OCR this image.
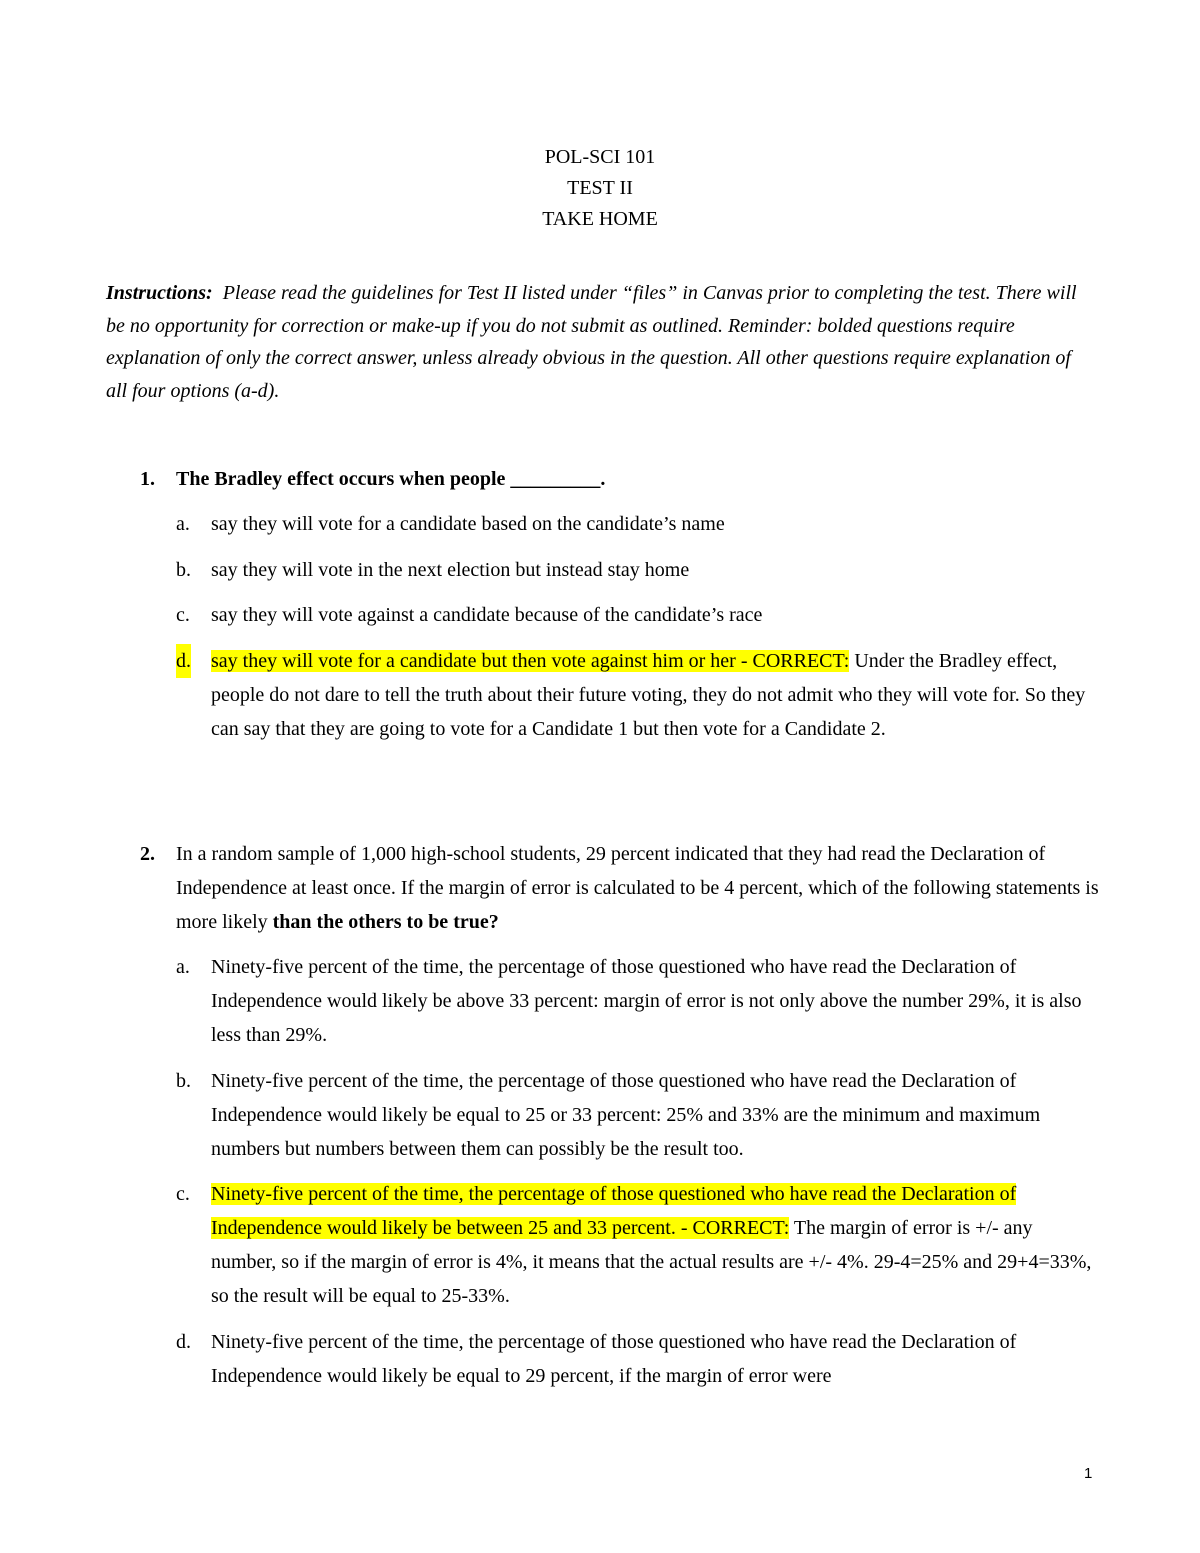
POL-SCI 101
TEST II
TAKE HOME
Instructions: Please read the guidelines for Test II listed under “files” in Canvas prior to completing the test. There will be no opportunity for correction or make-up if you do not submit as outlined. Reminder: bolded questions require explanation of only the correct answer, unless already obvious in the question. All other questions require explanation of all four options (a-d).
1. The Bradley effect occurs when people _________.
a. say they will vote for a candidate based on the candidate’s name
b. say they will vote in the next election but instead stay home
c. say they will vote against a candidate because of the candidate’s race
d. say they will vote for a candidate but then vote against him or her - CORRECT: Under the Bradley effect, people do not dare to tell the truth about their future voting, they do not admit who they will vote for. So they can say that they are going to vote for a Candidate 1 but then vote for a Candidate 2.
2. In a random sample of 1,000 high-school students, 29 percent indicated that they had read the Declaration of Independence at least once. If the margin of error is calculated to be 4 percent, which of the following statements is more likely than the others to be true?
a. Ninety-five percent of the time, the percentage of those questioned who have read the Declaration of Independence would likely be above 33 percent: margin of error is not only above the number 29%, it is also less than 29%.
b. Ninety-five percent of the time, the percentage of those questioned who have read the Declaration of Independence would likely be equal to 25 or 33 percent: 25% and 33% are the minimum and maximum numbers but numbers between them can possibly be the result too.
c. Ninety-five percent of the time, the percentage of those questioned who have read the Declaration of Independence would likely be between 25 and 33 percent. - CORRECT: The margin of error is +/- any number, so if the margin of error is 4%, it means that the actual results are +/- 4%. 29-4=25% and 29+4=33%, so the result will be equal to 25-33%.
d. Ninety-five percent of the time, the percentage of those questioned who have read the Declaration of Independence would likely be equal to 29 percent, if the margin of error were
1
